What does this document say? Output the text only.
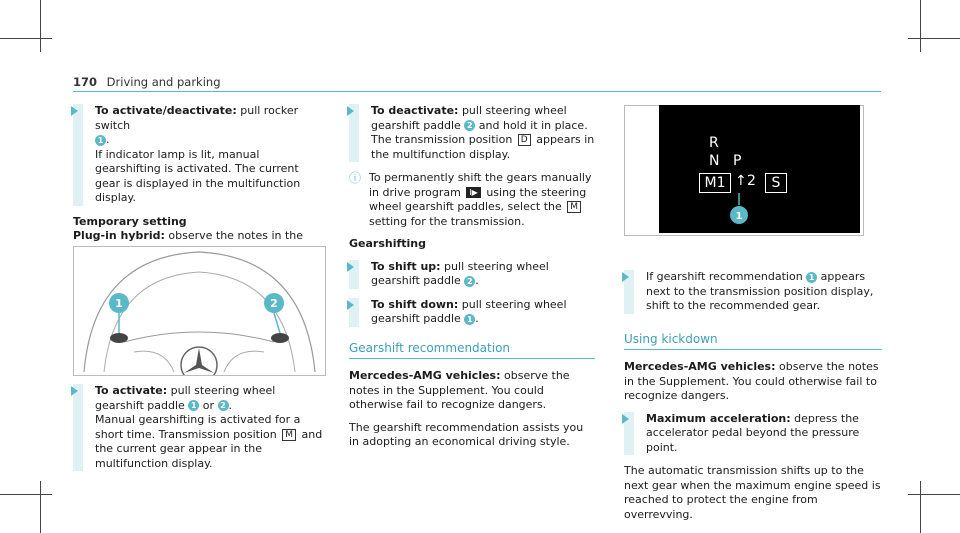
170 Driving and parking
To activate/deactivate: pull rocker switch
1 .
If indicator lamp is lit, manual gearshifting is activated. The current gear is displayed in the multifunction display.
Temporary setting
Plug-in hybrid: observe the notes in the
1	2
To activate: pull steering wheel gearshift paddle 1 or 2 .
Manual gearshifting is activated for a short time. Transmission position M and the current gear appear in the multifunction display.
To deactivate: pull steering wheel gearshift paddle 2 and hold it in place.
The transmission position D appears in the multifunction display.
ⓘ To permanently shift the gears manually in drive program I▶ using the steering wheel gearshift paddles, select the M setting for the transmission.

Gearshifting

To shift up: pull steering wheel gearshift paddle 2 .
To shift down: pull steering wheel gearshift paddle 1 .
Gearshift recommendation

Mercedes-AMG vehicles: observe the notes in the Supplement. You could otherwise fail to recognize dangers.

The gearshift recommendation assists you in adopting an economical driving style.

R
N P
M1 ↑ 2	S
1
If gearshift recommendation 1 appears next to the transmission position display, shift to the recommended gear.
Using kickdown

Mercedes-AMG vehicles: observe the notes in the Supplement. You could otherwise fail to recognize dangers.

Maximum acceleration: depress the accelerator pedal beyond the pressure point.

The automatic transmission shifts up to the next gear when the maximum engine speed is reached to protect the engine from overrevving.
